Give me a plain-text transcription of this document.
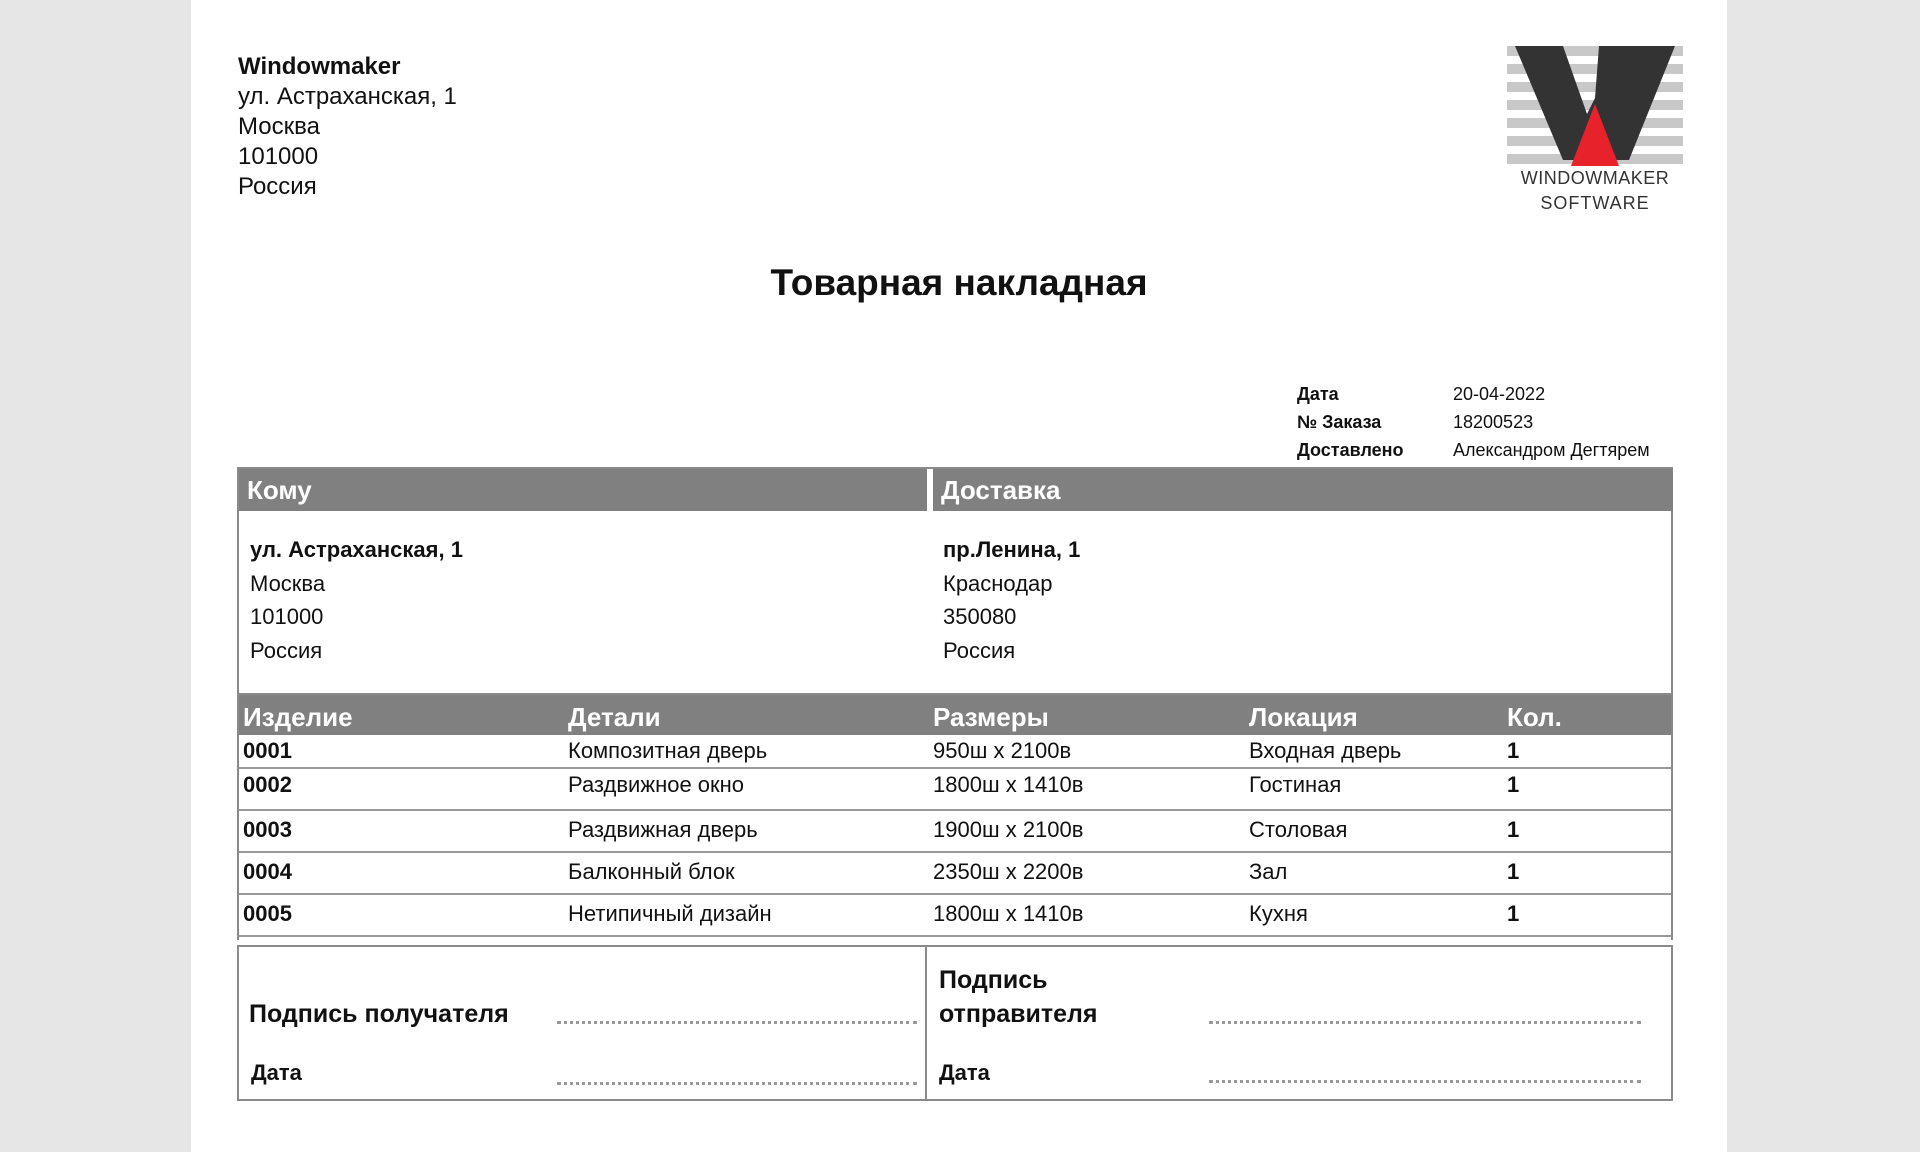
Windowmaker
ул. Астраханская, 1
Москва
101000
Россия	WINDOWMAKER
SOFTWARE
Товарная накладная
Дата	20-04-2022
№ Заказа	18200523
Доставлено	Александром Дегтярем
Кому	Доставка
ул. Астраханская, 1
Москва
101000
Россия
пр.Ленина, 1
Краснодар
350080
Россия
Изделие	Детали	Размеры	Локация	Кол.
0001	Композитная дверь	950ш х 2100в	Входная дверь	1
0002	Раздвижное окно	1800ш х 1410в	Гостиная	1
0003	Раздвижная дверь	1900ш х 2100в	Столовая	1
0004	Балконный блок	2350ш х 2200в	Зал	1
0005	Нетипичный дизайн	1800ш х 1410в	Кухня	1
Подпись получателя
Дата
Подпись
отправителя
Дата
